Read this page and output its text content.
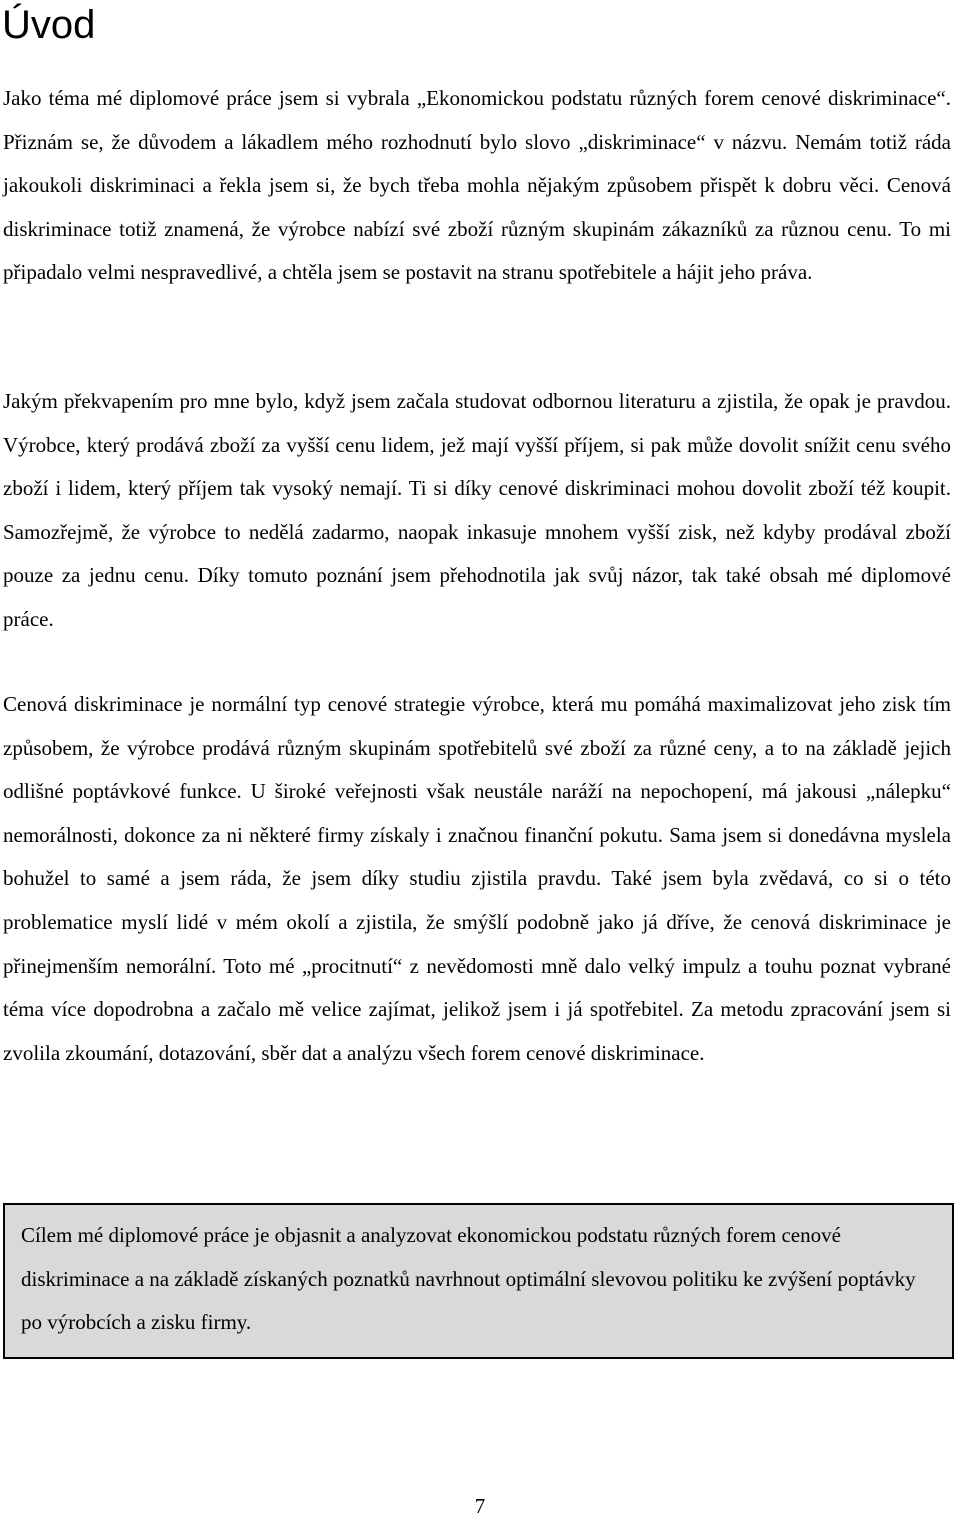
Úvod

Jako téma mé diplomové práce jsem si vybrala „Ekonomickou podstatu různých forem cenové diskriminace“. Přiznám se, že důvodem a lákadlem mého rozhodnutí bylo slovo „diskriminace“ v názvu. Nemám totiž ráda jakoukoli diskriminaci a řekla jsem si, že bych třeba mohla nějakým způsobem přispět k dobru věci. Cenová diskriminace totiž znamená, že výrobce nabízí své zboží různým skupinám zákazníků za různou cenu. To mi připadalo velmi nespravedlivé, a chtěla jsem se postavit na stranu spotřebitele a hájit jeho práva.

Jakým překvapením pro mne bylo, když jsem začala studovat odbornou literaturu a zjistila, že opak je pravdou. Výrobce, který prodává zboží za vyšší cenu lidem, jež mají vyšší příjem, si pak může dovolit snížit cenu svého zboží i lidem, který příjem tak vysoký nemají. Ti si díky cenové diskriminaci mohou dovolit zboží též koupit. Samozřejmě, že výrobce to nedělá zadarmo, naopak inkasuje mnohem vyšší zisk, než kdyby prodával zboží pouze za jednu cenu. Díky tomuto poznání jsem přehodnotila jak svůj názor, tak také obsah mé diplomové práce.

Cenová diskriminace je normální typ cenové strategie výrobce, která mu pomáhá maximalizovat jeho zisk tím způsobem, že výrobce prodává různým skupinám spotřebitelů své zboží za různé ceny, a to na základě jejich odlišné poptávkové funkce. U široké veřejnosti však neustále naráží na nepochopení, má jakousi „nálepku“ nemorálnosti, dokonce za ni některé firmy získaly i značnou finanční pokutu. Sama jsem si donedávna myslela bohužel to samé a jsem ráda, že jsem díky studiu zjistila pravdu. Také jsem byla zvědavá, co si o této problematice myslí lidé v mém okolí a zjistila, že smýšlí podobně jako já dříve, že cenová diskriminace je přinejmenším nemorální. Toto mé „procitnutí“ z nevědomosti mně dalo velký impulz a touhu poznat vybrané téma více dopodrobna a začalo mě velice zajímat, jelikož jsem i já spotřebitel. Za metodu zpracování jsem si zvolila zkoumání, dotazování, sběr dat a analýzu všech forem cenové diskriminace.

Cílem mé diplomové práce je objasnit a analyzovat ekonomickou podstatu různých forem cenové diskriminace a na základě získaných poznatků navrhnout optimální slevovou politiku ke zvýšení poptávky po výrobcích a zisku firmy.

7
